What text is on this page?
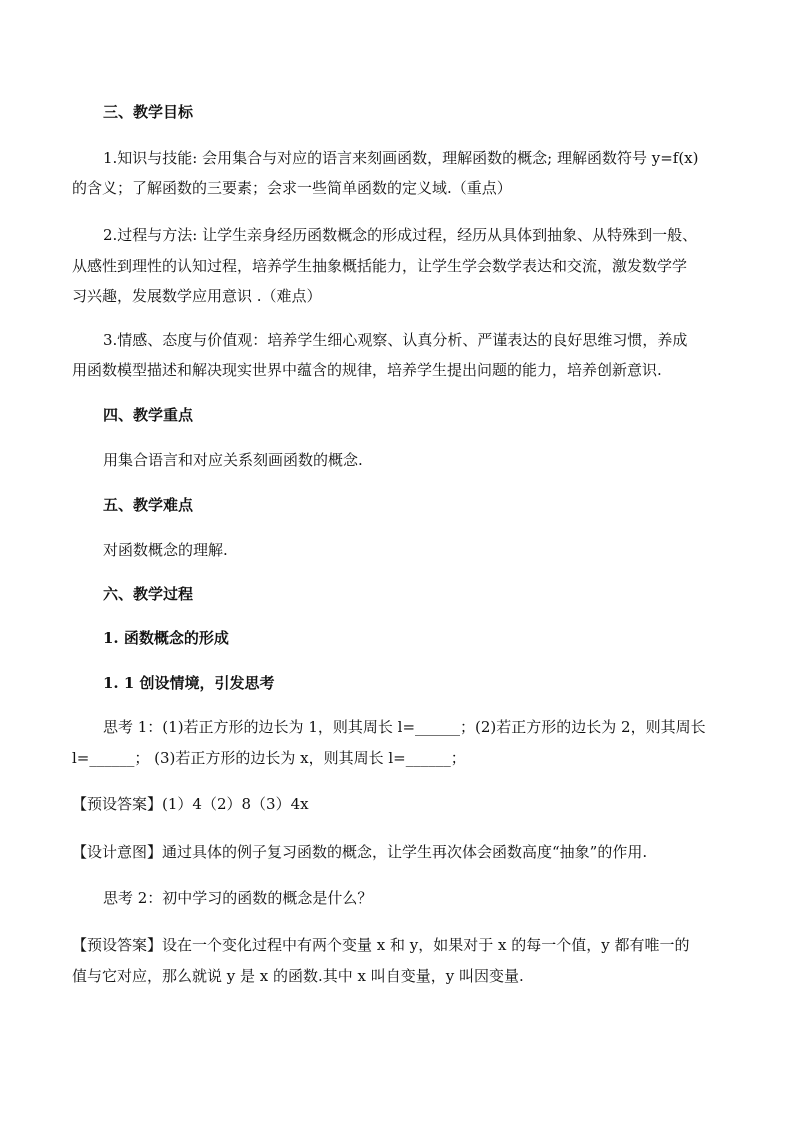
三、教学目标
1.知识与技能: 会用集合与对应的语言来刻画函数，理解函数的概念; 理解函数符号 y=f(x)
的含义；了解函数的三要素；会求一些简单函数的定义域.（重点）
2.过程与方法: 让学生亲身经历函数概念的形成过程，经历从具体到抽象、从特殊到一般、
从感性到理性的认知过程，培养学生抽象概括能力，让学生学会数学表达和交流，激发数学学
习兴趣，发展数学应用意识 .（难点）
3.情感、态度与价值观：培养学生细心观察、认真分析、严谨表达的良好思维习惯，养成
用函数模型描述和解决现实世界中蕴含的规律，培养学生提出问题的能力，培养创新意识.
四、教学重点
用集合语言和对应关系刻画函数的概念.
五、教学难点
对函数概念的理解.
六、教学过程
1. 函数概念的形成
1. 1 创设情境，引发思考
思考 1：(1)若正方形的边长为 1，则其周长 l=______；(2)若正方形的边长为 2，则其周长
l=______； (3)若正方形的边长为 x，则其周长 l=______；
【预设答案】(1）4（2）8（3）4x
【设计意图】通过具体的例子复习函数的概念，让学生再次体会函数高度“抽象”的作用.
思考 2：初中学习的函数的概念是什么？
【预设答案】设在一个变化过程中有两个变量 x 和 y，如果对于 x 的每一个值，y 都有唯一的
值与它对应，那么就说 y 是 x 的函数.其中 x 叫自变量，y 叫因变量.
